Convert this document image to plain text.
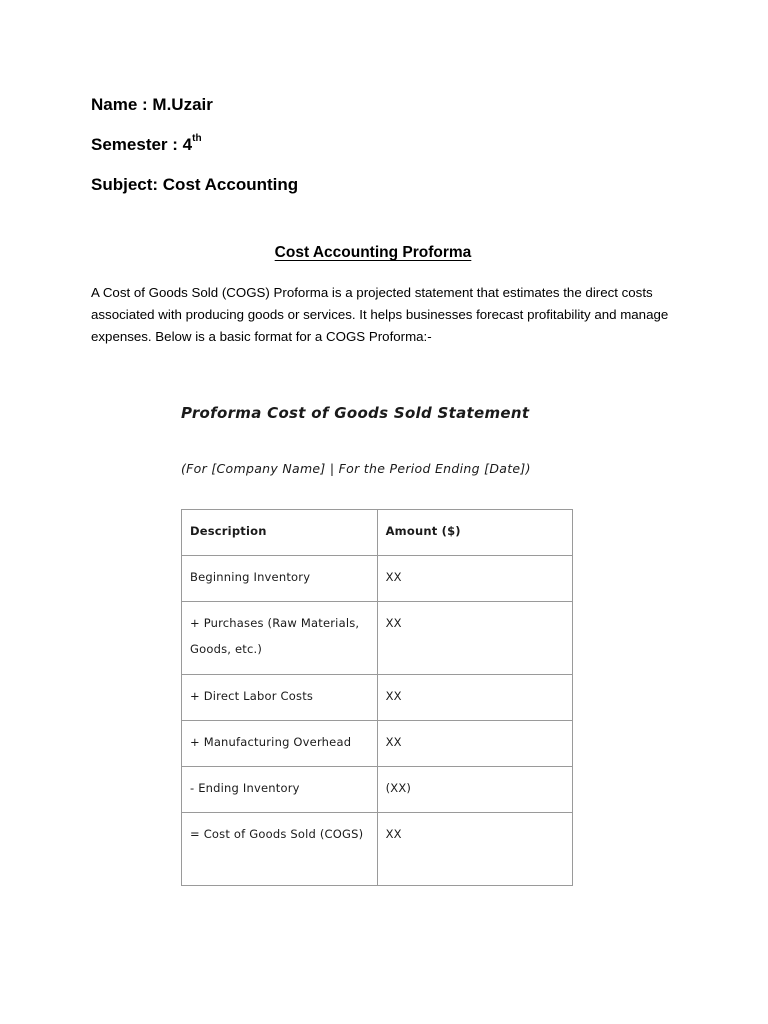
Name : M.Uzair
Semester : 4th
Subject: Cost Accounting
Cost Accounting Proforma
A Cost of Goods Sold (COGS) Proforma is a projected statement that estimates the direct costs associated with producing goods or services. It helps businesses forecast profitability and manage expenses. Below is a basic format for a COGS Proforma:-
Proforma Cost of Goods Sold Statement
(For [Company Name] | For the Period Ending [Date])
Description	Amount ($)

Beginning Inventory	XX

+ Purchases (Raw Materials, Goods, etc.)	XX

+ Direct Labor Costs	XX

+ Manufacturing Overhead	XX

- Ending Inventory	(XX)

= Cost of Goods Sold (COGS)	XX
